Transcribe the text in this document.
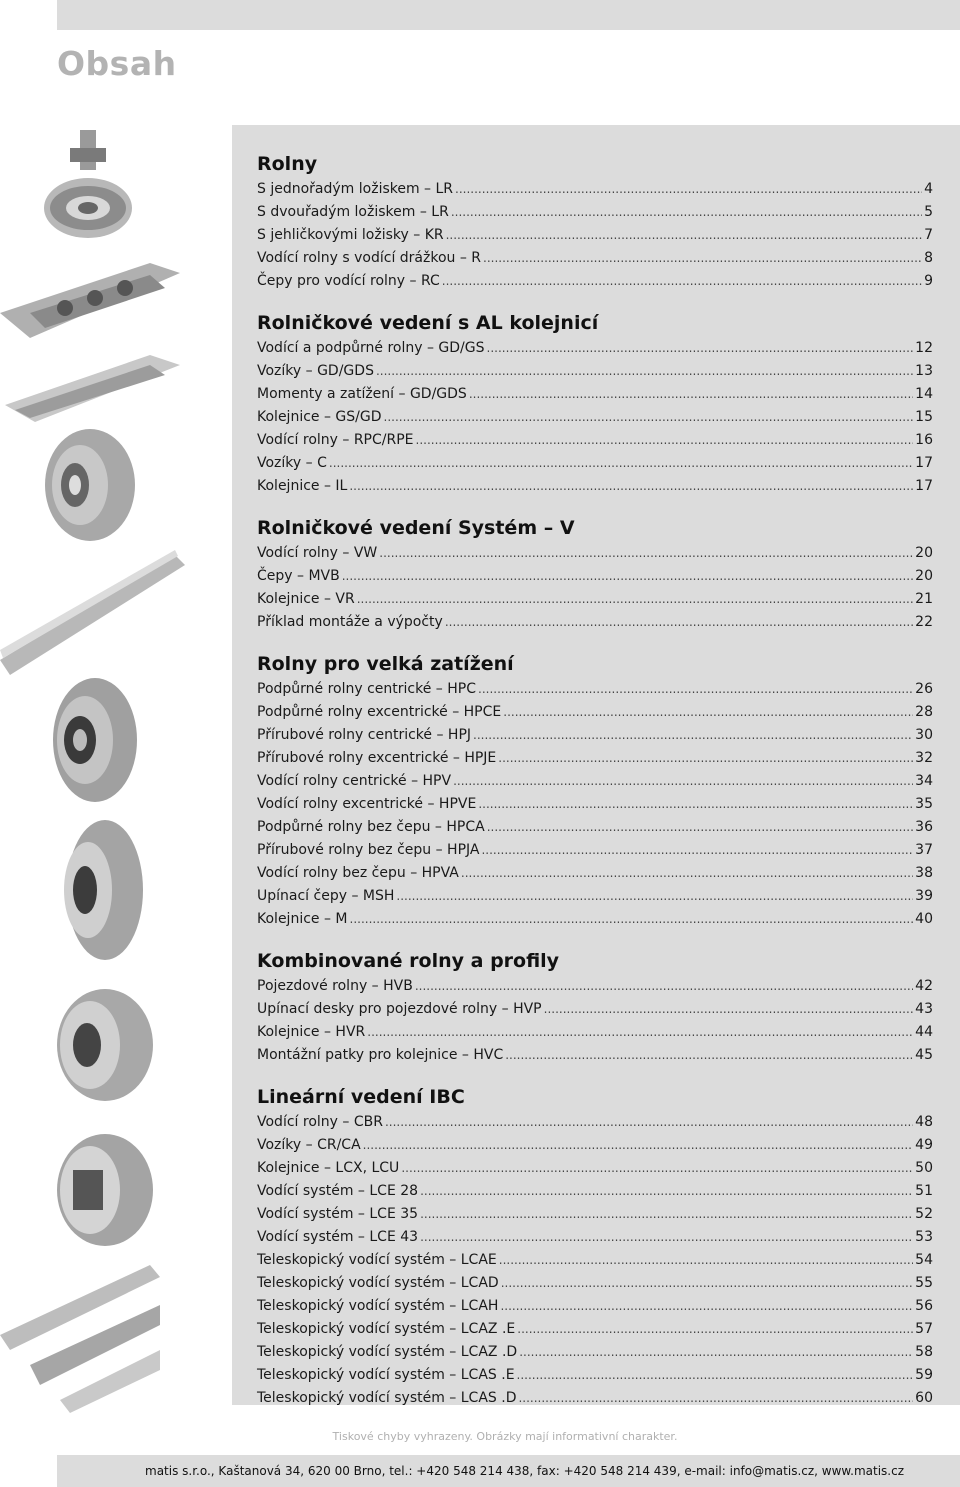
Obsah
Rolny
S jednořadým ložiskem – LR .....	4
S dvouřadým ložiskem – LR .....	5
S jehličkovými ložisky – KR .....	7
Vodící rolny s vodící drážkou – R .....	8
Čepy pro vodící rolny – RC .....	9
Rolničkové vedení s AL kolejnicí
Vodící a podpůrné rolny – GD/GS .....	12
Vozíky – GD/GDS .....	13
Momenty a zatížení – GD/GDS .....	14
Kolejnice – GS/GD .....	15
Vodící rolny – RPC/RPE .....	16
Vozíky – C .....	17
Kolejnice – IL .....	17
Rolničkové vedení Systém – V
Vodící rolny – VW .....	20
Čepy – MVB .....	20
Kolejnice – VR .....	21
Příklad montáže a výpočty .....	22
Rolny pro velká zatížení
Podpůrné rolny centrické – HPC .....	26
Podpůrné rolny excentrické – HPCE .....	28
Přírubové rolny centrické – HPJ .....	30
Přírubové rolny excentrické – HPJE .....	32
Vodící rolny centrické – HPV .....	34
Vodící rolny excentrické – HPVE .....	35
Podpůrné rolny bez čepu – HPCA .....	36
Přírubové rolny bez čepu – HPJA .....	37
Vodící rolny bez čepu – HPVA .....	38
Upínací čepy – MSH .....	39
Kolejnice – M .....	40
Kombinované rolny a profily
Pojezdové rolny – HVB .....	42
Upínací desky pro pojezdové rolny – HVP .....	43
Kolejnice – HVR .....	44
Montážní patky pro kolejnice – HVC .....	45
Lineární vedení IBC
Vodící rolny – CBR .....	48
Vozíky – CR/CA .....	49
Kolejnice – LCX, LCU .....	50
Vodící systém – LCE 28 .....	51
Vodící systém – LCE 35 .....	52
Vodící systém – LCE 43 .....	53
Teleskopický vodící systém – LCAE .....	54
Teleskopický vodící systém – LCAD .....	55
Teleskopický vodící systém – LCAH .....	56
Teleskopický vodící systém – LCAZ .E .....	57
Teleskopický vodící systém – LCAZ .D .....	58
Teleskopický vodící systém – LCAS .E .....	59
Teleskopický vodící systém – LCAS .D .....	60
Tiskové chyby vyhrazeny. Obrázky mají informativní charakter.
matis s.r.o., Kaštanová 34, 620 00 Brno, tel.: +420 548 214 438, fax: +420 548 214 439, e-mail: info@matis.cz, www.matis.cz
